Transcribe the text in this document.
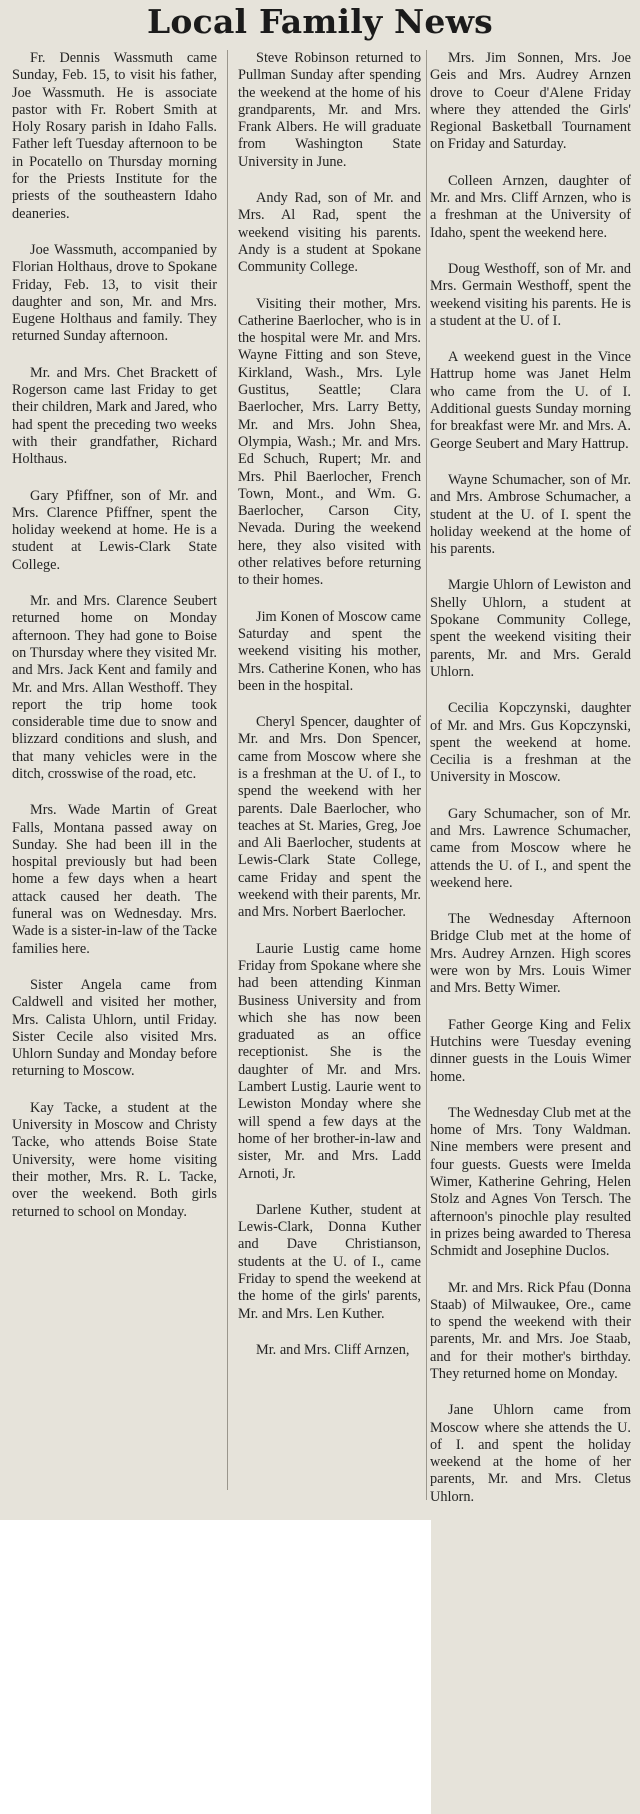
Local Family News

Fr. Dennis Wassmuth came Sunday, Feb. 15, to visit his father, Joe Wassmuth. He is associate pastor with Fr. Robert Smith at Holy Rosary parish in Idaho Falls. Father left Tuesday afternoon to be in Pocatello on Thursday morning for the Priests Institute for the priests of the southeastern Idaho deaneries.

Joe Wassmuth, accompanied by Florian Holthaus, drove to Spokane Friday, Feb. 13, to visit their daughter and son, Mr. and Mrs. Eugene Holthaus and family. They returned Sunday afternoon.

Mr. and Mrs. Chet Brackett of Rogerson came last Friday to get their children, Mark and Jared, who had spent the preceding two weeks with their grandfather, Richard Holthaus.

Gary Pfiffner, son of Mr. and Mrs. Clarence Pfiffner, spent the holiday weekend at home. He is a student at Lewis-Clark State College.

Mr. and Mrs. Clarence Seubert returned home on Monday afternoon. They had gone to Boise on Thursday where they visited Mr. and Mrs. Jack Kent and family and Mr. and Mrs. Allan Westhoff. They report the trip home took considerable time due to snow and blizzard conditions and slush, and that many vehicles were in the ditch, crosswise of the road, etc.

Mrs. Wade Martin of Great Falls, Montana passed away on Sunday. She had been ill in the hospital previously but had been home a few days when a heart attack caused her death. The funeral was on Wednesday. Mrs. Wade is a sister-in-law of the Tacke families here.

Sister Angela came from Caldwell and visited her mother, Mrs. Calista Uhlorn, until Friday. Sister Cecile also visited Mrs. Uhlorn Sunday and Monday before returning to Moscow.

Kay Tacke, a student at the University in Moscow and Christy Tacke, who attends Boise State University, were home visiting their mother, Mrs. R. L. Tacke, over the weekend. Both girls returned to school on Monday.

Steve Robinson returned to Pullman Sunday after spending the weekend at the home of his grandparents, Mr. and Mrs. Frank Albers. He will graduate from Washington State University in June.

Andy Rad, son of Mr. and Mrs. Al Rad, spent the weekend visiting his parents. Andy is a student at Spokane Community College.

Visiting their mother, Mrs. Catherine Baerlocher, who is in the hospital were Mr. and Mrs. Wayne Fitting and son Steve, Kirkland, Wash., Mrs. Lyle Gustitus, Seattle; Clara Baerlocher, Mrs. Larry Betty, Mr. and Mrs. John Shea, Olympia, Wash.; Mr. and Mrs. Ed Schuch, Rupert; Mr. and Mrs. Phil Baerlocher, French Town, Mont., and Wm. G. Baerlocher, Carson City, Nevada. During the weekend here, they also visited with other relatives before returning to their homes.

Jim Konen of Moscow came Saturday and spent the weekend visiting his mother, Mrs. Catherine Konen, who has been in the hospital.

Cheryl Spencer, daughter of Mr. and Mrs. Don Spencer, came from Moscow where she is a freshman at the U. of I., to spend the weekend with her parents. Dale Baerlocher, who teaches at St. Maries, Greg, Joe and Ali Baerlocher, students at Lewis-Clark State College, came Friday and spent the weekend with their parents, Mr. and Mrs. Norbert Baerlocher.

Laurie Lustig came home Friday from Spokane where she had been attending Kinman Business University and from which she has now been graduated as an office receptionist. She is the daughter of Mr. and Mrs. Lambert Lustig. Laurie went to Lewiston Monday where she will spend a few days at the home of her brother-in-law and sister, Mr. and Mrs. Ladd Arnoti, Jr.

Darlene Kuther, student at Lewis-Clark, Donna Kuther and Dave Christianson, students at the U. of I., came Friday to spend the weekend at the home of the girls' parents, Mr. and Mrs. Len Kuther.

Mr. and Mrs. Cliff Arnzen,

Mrs. Jim Sonnen, Mrs. Joe Geis and Mrs. Audrey Arnzen drove to Coeur d'Alene Friday where they attended the Girls' Regional Basketball Tournament on Friday and Saturday.

Colleen Arnzen, daughter of Mr. and Mrs. Cliff Arnzen, who is a freshman at the University of Idaho, spent the weekend here.

Doug Westhoff, son of Mr. and Mrs. Germain Westhoff, spent the weekend visiting his parents. He is a student at the U. of I.

A weekend guest in the Vince Hattrup home was Janet Helm who came from the U. of I. Additional guests Sunday morning for breakfast were Mr. and Mrs. A. George Seubert and Mary Hattrup.

Wayne Schumacher, son of Mr. and Mrs. Ambrose Schumacher, a student at the U. of I. spent the holiday weekend at the home of his parents.

Margie Uhlorn of Lewiston and Shelly Uhlorn, a student at Spokane Community College, spent the weekend visiting their parents, Mr. and Mrs. Gerald Uhlorn.

Cecilia Kopczynski, daughter of Mr. and Mrs. Gus Kopczynski, spent the weekend at home. Cecilia is a freshman at the University in Moscow.

Gary Schumacher, son of Mr. and Mrs. Lawrence Schumacher, came from Moscow where he attends the U. of I., and spent the weekend here.

The Wednesday Afternoon Bridge Club met at the home of Mrs. Audrey Arnzen. High scores were won by Mrs. Louis Wimer and Mrs. Betty Wimer.

Father George King and Felix Hutchins were Tuesday evening dinner guests in the Louis Wimer home.

The Wednesday Club met at the home of Mrs. Tony Waldman. Nine members were present and four guests. Guests were Imelda Wimer, Katherine Gehring, Helen Stolz and Agnes Von Tersch. The afternoon's pinochle play resulted in prizes being awarded to Theresa Schmidt and Josephine Duclos.

Mr. and Mrs. Rick Pfau (Donna Staab) of Milwaukee, Ore., came to spend the weekend with their parents, Mr. and Mrs. Joe Staab, and for their mother's birthday. They returned home on Monday.

Jane Uhlorn came from Moscow where she attends the U. of I. and spent the holiday weekend at the home of her parents, Mr. and Mrs. Cletus Uhlorn.
